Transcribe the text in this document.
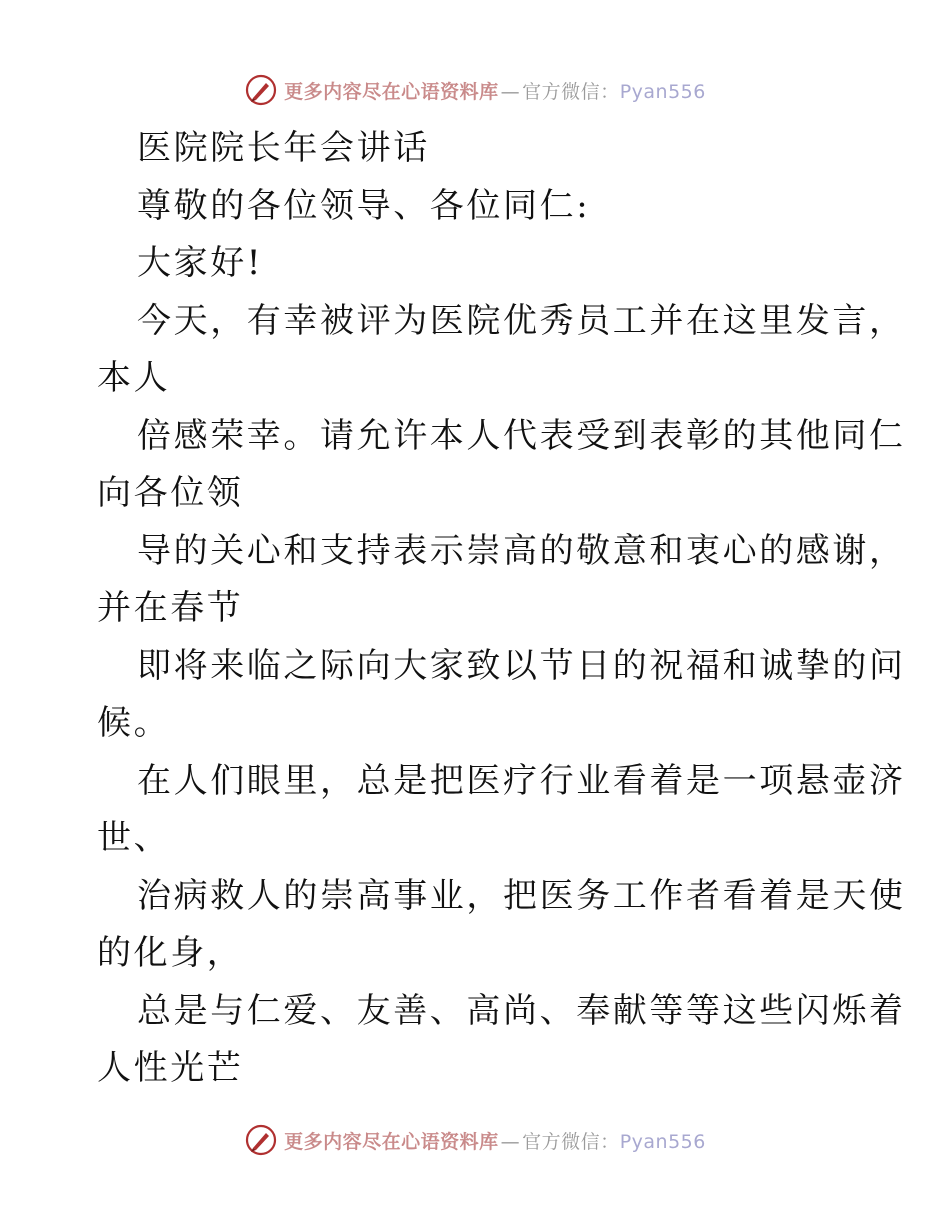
更多内容尽在心语资料库 — 官方微信：Pyan556
医院院长年会讲话
尊敬的各位领导、各位同仁:
大家好!
今天，有幸被评为医院优秀员工并在这里发言，
本人
倍感荣幸。请允许本人代表受到表彰的其他同仁
向各位领
导的关心和支持表示崇高的敬意和衷心的感谢，
并在春节
即将来临之际向大家致以节日的祝福和诚挚的问
候。
在人们眼里，总是把医疗行业看着是一项悬壶济
世、
治病救人的崇高事业，把医务工作者看着是天使
的化身，
总是与仁爱、友善、高尚、奉献等等这些闪烁着
人性光芒
更多内容尽在心语资料库 — 官方微信：Pyan556
